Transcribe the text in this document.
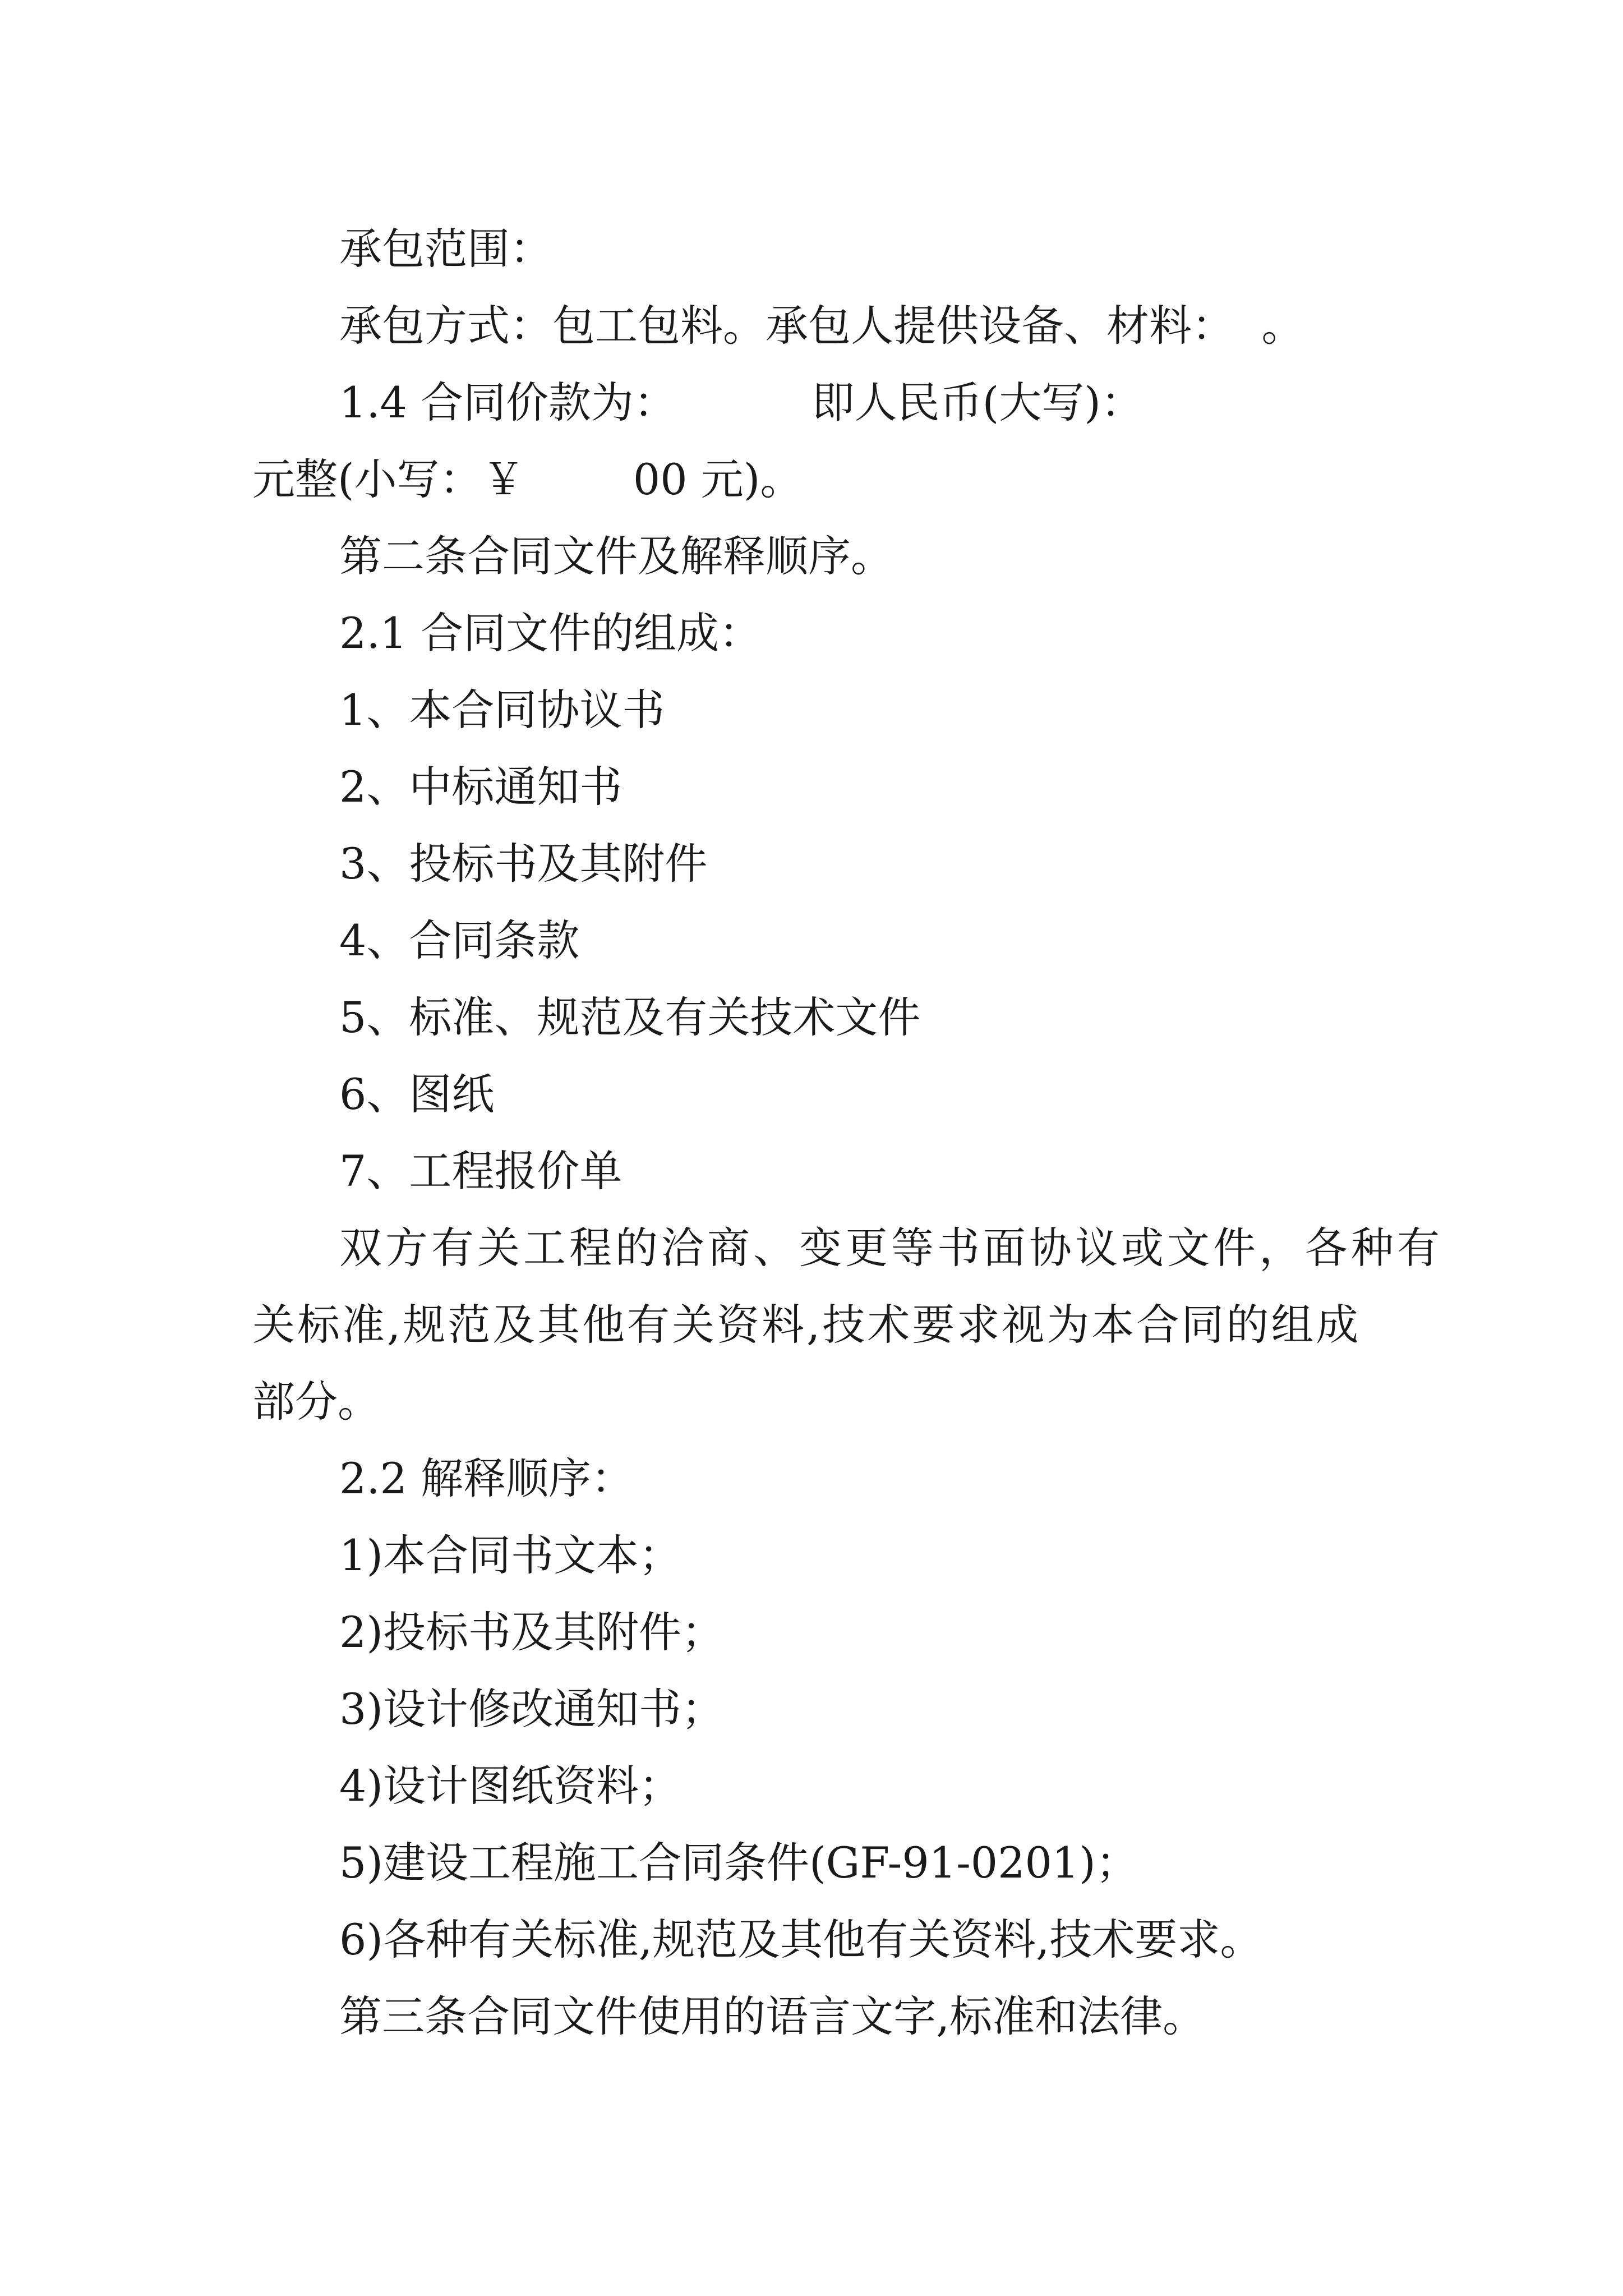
承包范围：

承包方式：包工包料。承包人提供设备、材料：  。

1.4 合同价款为：          即人民币(大写)：

元整(小写：￥        00 元)。

第二条合同文件及解释顺序。

2.1 合同文件的组成：

1、本合同协议书

2、中标通知书

3、投标书及其附件

4、合同条款

5、标准、规范及有关技术文件

6、图纸

7、工程报价单

双方有关工程的洽商、变更等书面协议或文件，各种有

关标准,规范及其他有关资料,技术要求视为本合同的组成

部分。

2.2 解释顺序：

1)本合同书文本；

2)投标书及其附件；

3)设计修改通知书；

4)设计图纸资料；

5)建设工程施工合同条件(GF-91-0201)；

6)各种有关标准,规范及其他有关资料,技术要求。

第三条合同文件使用的语言文字,标准和法律。
